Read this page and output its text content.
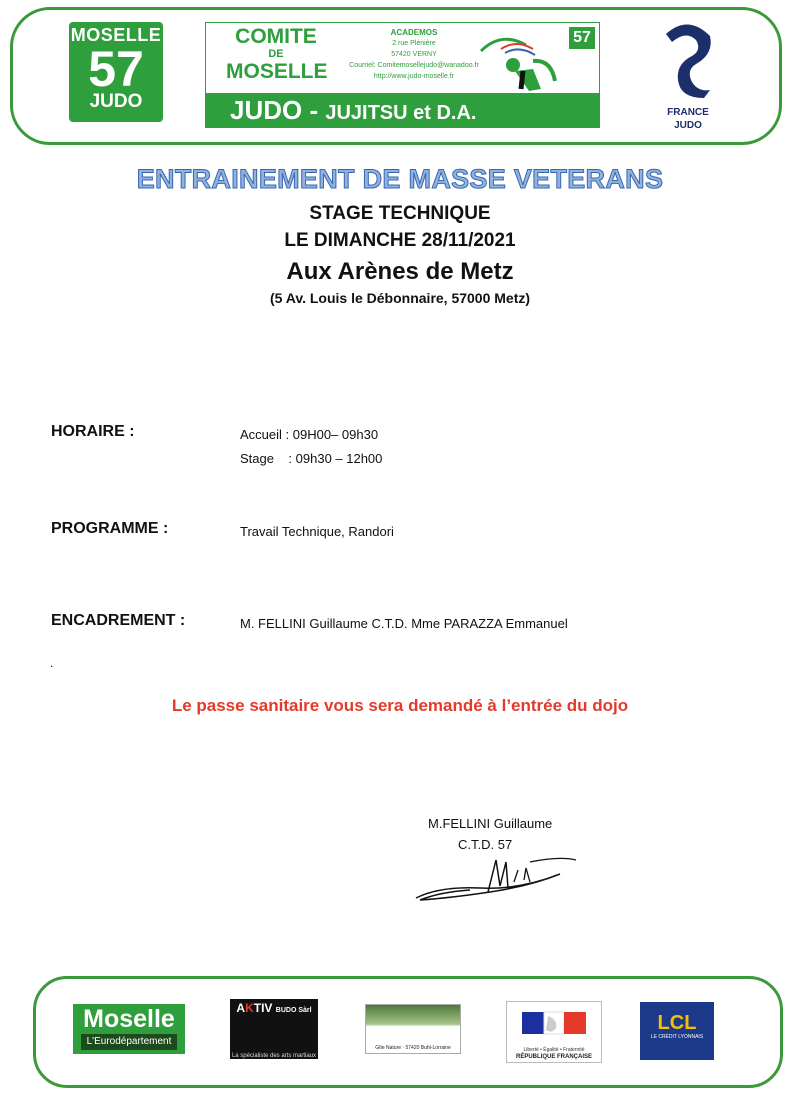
MOSELLE
57
JUDO
COMITE

DE
MOSELLE
ACADEMOS
2 rue Plénière
57420 VERNY
Courriel: Comitemosellejudo@wanadoo.fr
http://www.judo-moselle.fr
57
JUDO - JUJITSU et D.A.	FRANCE
JUDO
ENTRAINEMENT DE MASSE VETERANS
STAGE TECHNIQUE
LE DIMANCHE 28/11/2021
Aux Arènes de Metz
(5 Av. Louis le Débonnaire, 57000 Metz)
HORAIRE :	Accueil : 09H00– 09h30
Stage    : 09h30 – 12h00
PROGRAMME :	Travail Technique, Randori
ENCADREMENT :	M. FELLINI Guillaume C.T.D. Mme PARAZZA Emmanuel
.
Le passe sanitaire vous sera demandé à l’entrée du dojo
M.FELLINI Guillaume
C.T.D. 57
Moselle
L'Eurodépartement
AKTIV BUDO Sàrl
La spécialiste des arts martiaux
Gîte Nature · 57420 Buhl-Lorraine	Liberté • Égalité • Fraternité
RÉPUBLIQUE FRANÇAISE
LCL
LE CRÉDIT LYONNAIS
